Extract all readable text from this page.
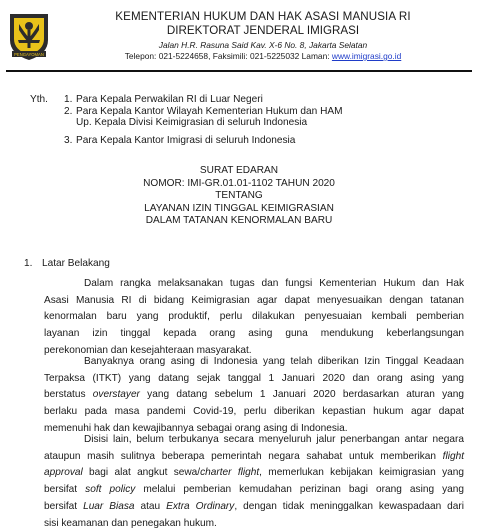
PENGAYOMAN
KEMENTERIAN HUKUM DAN HAK ASASI MANUSIA RI
DIREKTORAT JENDERAL IMIGRASI
Jalan H.R. Rasuna Said Kav. X-6 No. 8, Jakarta Selatan
Telepon: 021-5224658, Faksimili: 021-5225032 Laman: www.imigrasi.go.id
Yth.	1. Para Kepala Perwakilan RI di Luar Negeri
2. Para Kepala Kantor Wilayah Kementerian Hukum dan HAM
Up. Kepala Divisi Keimigrasian di seluruh Indonesia
3. Para Kepala Kantor Imigrasi di seluruh Indonesia
SURAT EDARAN
NOMOR: IMI-GR.01.01-1102 TAHUN 2020
TENTANG
LAYANAN IZIN TINGGAL KEIMIGRASIAN
DALAM TATANAN KENORMALAN BARU
1. Latar Belakang
Dalam rangka melaksanakan tugas dan fungsi Kementerian Hukum dan Hak
Asasi Manusia RI di bidang Keimigrasian agar dapat menyesuaikan dengan tatanan
kenormalan baru yang produktif, perlu dilakukan penyesuaian kembali pemberian
layanan izin tinggal kepada orang asing guna mendukung keberlangsungan
perekonomian dan kesejahteraan masyarakat.
Banyaknya orang asing di Indonesia yang telah diberikan Izin Tinggal Keadaan
Terpaksa (ITKT) yang datang sejak tanggal 1 Januari 2020 dan orang asing yang
berstatus overstayer yang datang sebelum 1 Januari 2020 berdasarkan aturan yang
berlaku pada masa pandemi Covid-19, perlu diberikan kepastian hukum agar dapat
memenuhi hak dan kewajibannya sebagai orang asing di Indonesia.
Disisi lain, belum terbukanya secara menyeluruh jalur penerbangan antar negara
ataupun masih sulitnya beberapa pemerintah negara sahabat untuk memberikan flight
approval bagi alat angkut sewa/charter flight, memerlukan kebijakan keimigrasian yang
bersifat soft policy melalui pemberian kemudahan perizinan bagi orang asing yang
bersifat Luar Biasa atau Extra Ordinary, dengan tidak meninggalkan kewaspadaan dari
sisi keamanan dan penegakan hukum.
